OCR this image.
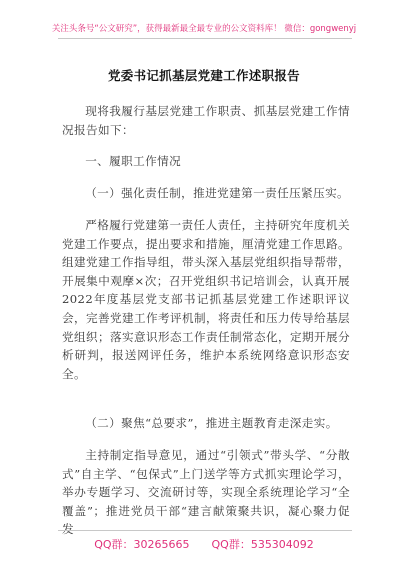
关注头条号“公文研究”，获得最新最全最专业的公文资料库！ 微信：gongwenyj
党委书记抓基层党建工作述职报告
现将我履行基层党建工作职责、抓基层党建工作情况报告如下：
一、履职工作情况
（一）强化责任制，推进党建第一责任压紧压实。
严格履行党建第一责任人责任，主持研究年度机关党建工作要点，提出要求和措施，厘清党建工作思路。组建党建工作指导组，带头深入基层党组织指导帮带，开展集中观摩×次；召开党组织书记培训会，认真开展2022年度基层党支部书记抓基层党建工作述职评议会，完善党建工作考评机制，将责任和压力传导给基层党组织；落实意识形态工作责任制常态化，定期开展分析研判，报送网评任务，维护本系统网络意识形态安全。
（二）聚焦“总要求”，推进主题教育走深走实。
主持制定指导意见，通过“引领式”带头学、“分散式”自主学、“包保式”上门送学等方式抓实理论学习，举办专题学习、交流研讨等，实现全系统理论学习“全覆盖”；推进党员干部“建言献策聚共识，凝心聚力促发
QQ群：30265665 QQ群：535304092
